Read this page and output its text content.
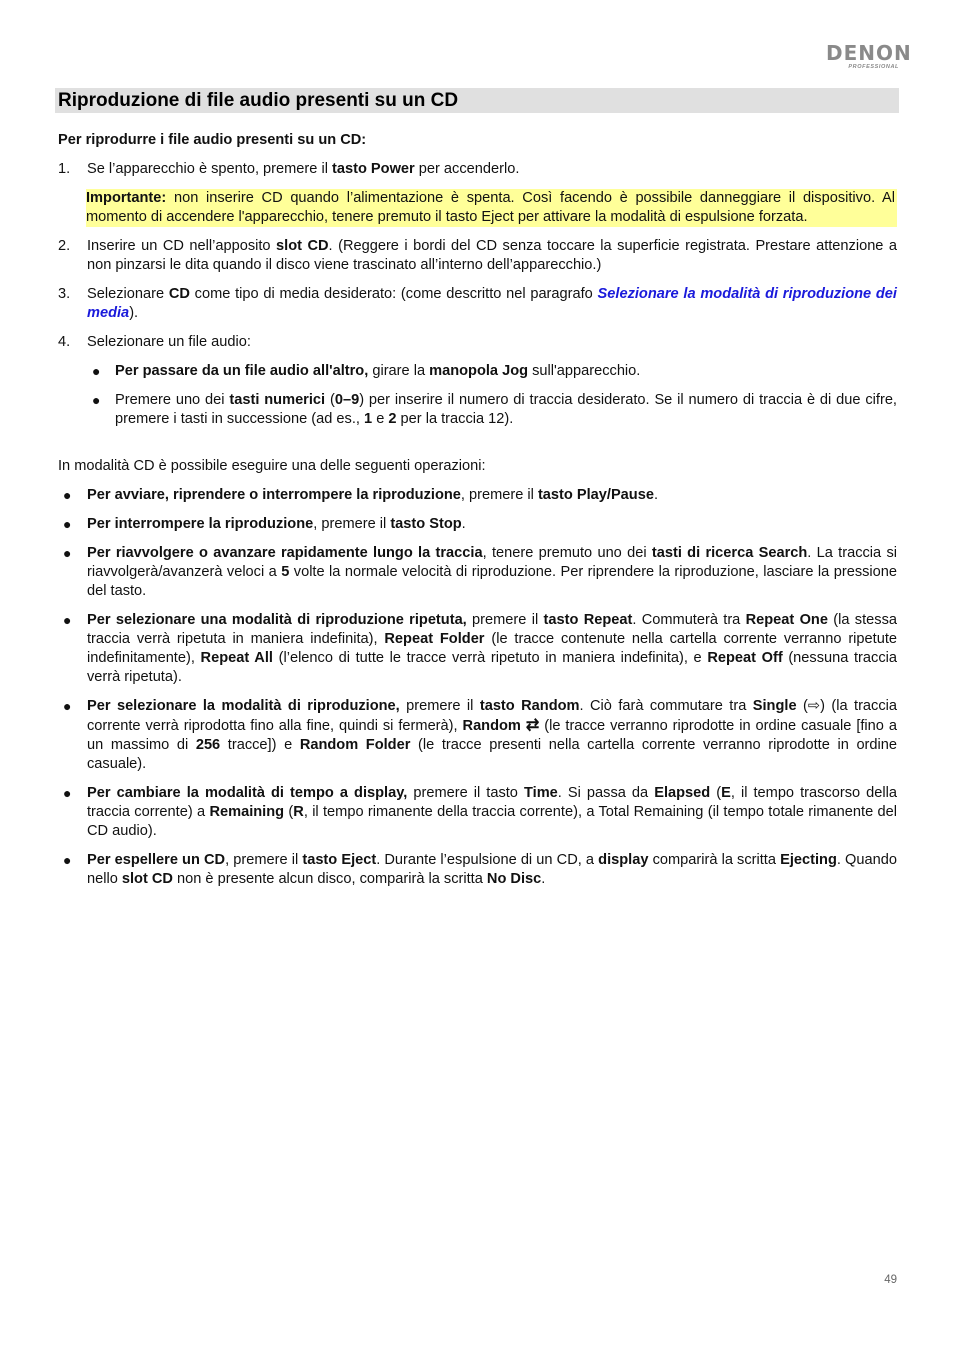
DENON
PROFESSIONAL
Riproduzione di file audio presenti su un CD

Per riprodurre i file audio presenti su un CD:

1. Se l’apparecchio è spento, premere il tasto Power per accenderlo.

Importante: non inserire CD quando l’alimentazione è spenta. Così facendo è possibile danneggiare il dispositivo. Al momento di accendere l'apparecchio, tenere premuto il tasto Eject per attivare la modalità di espulsione forzata.

2. Inserire un CD nell’apposito slot CD. (Reggere i bordi del CD senza toccare la superficie registrata. Prestare attenzione a non pinzarsi le dita quando il disco viene trascinato all’interno dell’apparecchio.)

3. Selezionare CD come tipo di media desiderato: (come descritto nel paragrafo Selezionare la modalità di riproduzione dei media).

4. Selezionare un file audio:

● Per passare da un file audio all'altro, girare la manopola Jog sull'apparecchio.

● Premere uno dei tasti numerici (0–9) per inserire il numero di traccia desiderato. Se il numero di traccia è di due cifre, premere i tasti in successione (ad es., 1 e 2 per la traccia 12).

In modalità CD è possibile eseguire una delle seguenti operazioni:

● Per avviare, riprendere o interrompere la riproduzione, premere il tasto Play/Pause.

● Per interrompere la riproduzione, premere il tasto Stop.

● Per riavvolgere o avanzare rapidamente lungo la traccia, tenere premuto uno dei tasti di ricerca Search. La traccia si riavvolgerà/avanzerà veloci a 5 volte la normale velocità di riproduzione. Per riprendere la riproduzione, lasciare la pressione del tasto.

● Per selezionare una modalità di riproduzione ripetuta, premere il tasto Repeat. Commuterà tra Repeat One (la stessa traccia verrà ripetuta in maniera indefinita), Repeat Folder (le tracce contenute nella cartella corrente verranno ripetute indefinitamente), Repeat All (l’elenco di tutte le tracce verrà ripetuto in maniera indefinita), e Repeat Off (nessuna traccia verrà ripetuta).

● Per selezionare la modalità di riproduzione, premere il tasto Random. Ciò farà commutare tra Single (⇨) (la traccia corrente verrà riprodotta fino alla fine, quindi si fermerà), Random ⇄ (le tracce verranno riprodotte in ordine casuale [fino a un massimo di 256 tracce]) e Random Folder (le tracce presenti nella cartella corrente verranno riprodotte in ordine casuale).

● Per cambiare la modalità di tempo a display, premere il tasto Time. Si passa da Elapsed (E, il tempo trascorso della traccia corrente) a Remaining (R, il tempo rimanente della traccia corrente), a Total Remaining (il tempo totale rimanente del CD audio).

● Per espellere un CD, premere il tasto Eject. Durante l’espulsione di un CD, a display comparirà la scritta Ejecting. Quando nello slot CD non è presente alcun disco, comparirà la scritta No Disc.

49
